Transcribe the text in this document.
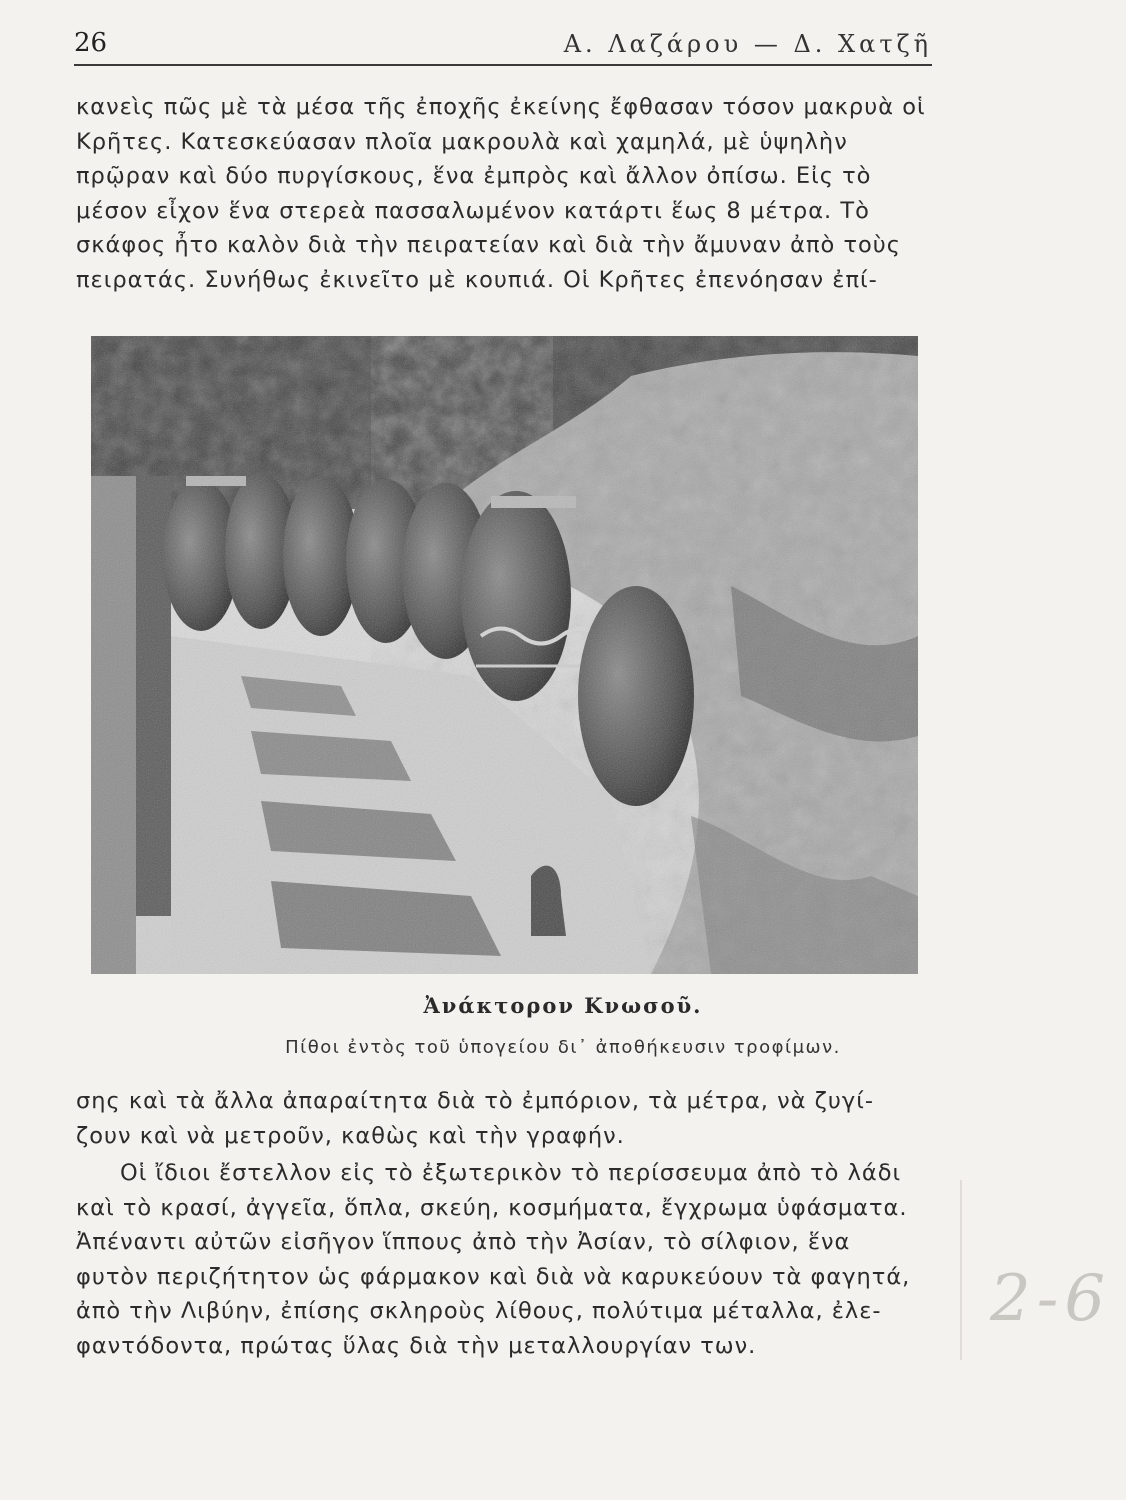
26	Α. Λαζάρου — Δ. Χατζῆ

κανεὶς πῶς μὲ τὰ μέσα τῆς ἐποχῆς ἐκείνης ἔφθασαν τόσον μακρυὰ οἱ
Κρῆτες. Κατεσκεύασαν πλοῖα μακρουλὰ καὶ χαμηλά, μὲ ὑψηλὴν
πρῷραν καὶ δύο πυργίσκους, ἕνα ἐμπρὸς καὶ ἄλλον ὀπίσω. Εἰς τὸ
μέσον εἶχον ἕνα στερεὰ πασσαλωμένον κατάρτι ἕως 8 μέτρα. Τὸ
σκάφος ἦτο καλὸν διὰ τὴν πειρατείαν καὶ διὰ τὴν ἄμυναν ἀπὸ τοὺς
πειρατάς. Συνήθως ἐκινεῖτο μὲ κουπιά. Οἱ Κρῆτες ἐπενόησαν ἐπί-

Ἀνάκτορον Κνωσοῦ.
Πίθοι ἐντὸς τοῦ ὑπογείου δι᾽ ἀποθήκευσιν τροφίμων.

σης καὶ τὰ ἄλλα ἀπαραίτητα διὰ τὸ ἐμπόριον, τὰ μέτρα, νὰ ζυγί-
ζουν καὶ νὰ μετροῦν, καθὼς καὶ τὴν γραφήν.

Οἱ ἴδιοι ἔστελλον εἰς τὸ ἐξωτερικὸν τὸ περίσσευμα ἀπὸ τὸ λάδι
καὶ τὸ κρασί, ἀγγεῖα, ὅπλα, σκεύη, κοσμήματα, ἔγχρωμα ὑφάσματα.
Ἀπέναντι αὐτῶν εἰσῆγον ἵππους ἀπὸ τὴν Ἀσίαν, τὸ σίλφιον, ἕνα
φυτὸν περιζήτητον ὡς φάρμακον καὶ διὰ νὰ καρυκεύουν τὰ φαγητά,
ἀπὸ τὴν Λιβύην, ἐπίσης σκληροὺς λίθους, πολύτιμα μέταλλα, ἐλε-
φαντόδοντα, πρώτας ὕλας διὰ τὴν μεταλλουργίαν των.

2-6
